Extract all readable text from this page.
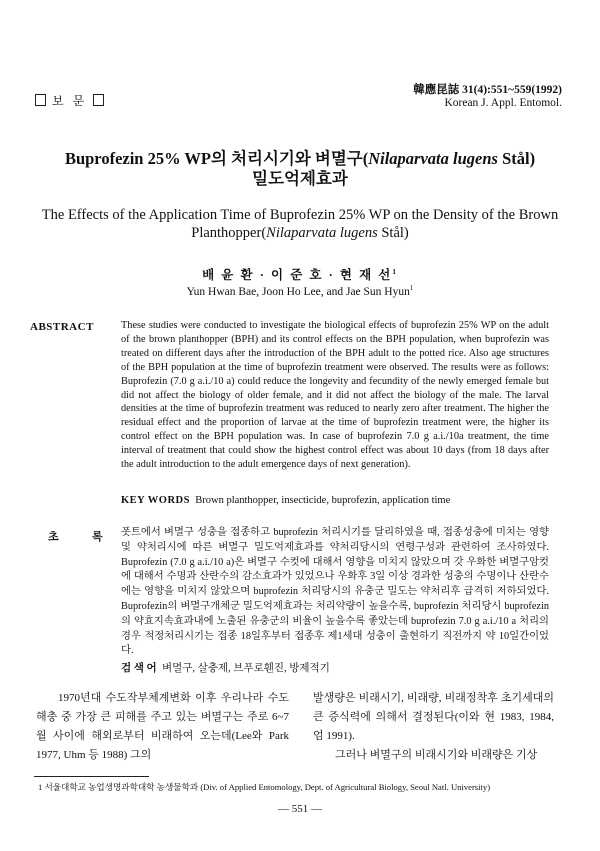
보 문
韓應昆誌 31(4):551~559(1992)
Korean J. Appl. Entomol.
Buprofezin 25% WP의 처리시기와 벼멸구(Nilaparvata lugens Stål)
밀도억제효과
The Effects of the Application Time of Buprofezin 25% WP on the Density of the Brown Planthopper(Nilaparvata lugens Stål)
배 윤 환 · 이 준 호 · 현 재 선$^1$
Yun Hwan Bae, Joon Ho Lee, and Jae Sun Hyun$^1$
ABSTRACT	These studies were conducted to investigate the biological effects of buprofezin 25% WP on the adult of the brown planthopper (BPH) and its control effects on the BPH population, when buprofezin was treated on different days after the introduction of the BPH adult to the potted rice. Also age structures of the BPH population at the time of buprofezin treatment were observed. The results were as follows: Buprofezin (7.0 g a.i./10 a) could reduce the longevity and fecundity of the newly emerged female but did not affect the biology of older female, and it did not affect the biology of the male. The larval densities at the time of buprofezin treatment was reduced to nearly zero after treatment. The higher the residual effect and the proportion of larvae at the time of buprofezin treatment were, the higher its control effect on the BPH population was. In case of buprofezin 7.0 g a.i./10a treatment, the time interval of treatment that could show the highest control effect was about 10 days (from 18 days after the adult introduction to the adult emergence days of next generation).
KEY WORDS Brown planthopper, insecticide, buprofezin, application time
초	록 폿트에서 벼멸구 성충을 접종하고 buprofezin 처리시기를 달리하였을 때, 접종성충에 미치는 영향 및 약처리시에 따른 벼멸구 밀도억제효과를 약처리당시의 연령구성과 관련하여 조사하였다. Buprofezin (7.0 g a.i./10 a)은 벼멸구 수컷에 대해서 영향을 미치지 않았으며 갓 우화한 벼멸구암컷에 대해서 수명과 산란수의 감소효과가 있었으나 우화후 3일 이상 경과한 성충의 수명이나 산란수에는 영향을 미치지 않았으며 buprofezin 처리당시의 유충군 밀도는 약처리후 급격히 저하되었다. Buprofezin의 벼멸구개체군 밀도억제효과는 처리약량이 높을수록, buprofezin 처리당시 buprofezin의 약효지속효과내에 노출된 유충군의 비율이 높을수록 좋았는데 buprofezin 7.0 g a.i./10 a 처리의 경우 적정처리시기는 접종 18일후부터 접종후 제1세대 성충이 출현하기 직전까지 약 10일간이었다.
검 색 어 벼멸구, 살충제, 브푸로휀진, 방제적기
1970년대 수도작부체계변화 이후 우리나라 수도해충 중 가장 큰 피해를 주고 있는 벼멸구는 주로 6~7월 사이에 해외로부터 비래하여 오는데(Lee와 Park 1977, Uhm 등 1988) 그의
발생량은 비래시기, 비래량, 비래정착후 초기세대의 큰 증식력에 의해서 결정된다(이와 현 1983, 1984, 엄 1991).
그러나 벼멸구의 비래시기와 비래량은 기상
1 서울대학교 농업생명과학대학 농생물학과 (Div. of Applied Entomology, Dept. of Agricultural Biology, Seoul Natl. University)
— 551 —
